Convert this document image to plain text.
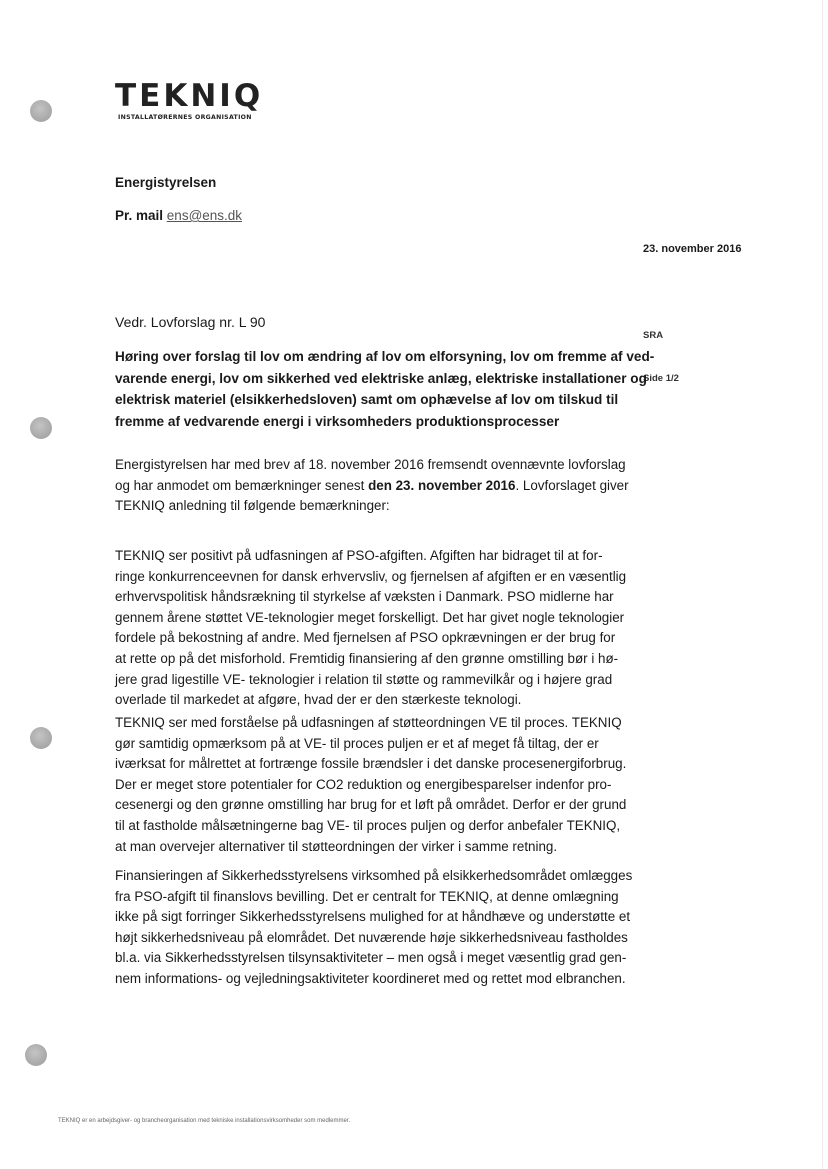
TEKNIQ
INSTALLATØRERNES ORGANISATION
Energistyrelsen
Pr. mail ens@ens.dk
23. november 2016
SRA
Side 1/2
Vedr. Lovforslag nr. L 90
Høring over forslag til lov om ændring af lov om elforsyning, lov om fremme af ved-
varende energi, lov om sikkerhed ved elektriske anlæg, elektriske installationer og
elektrisk materiel (elsikkerhedsloven) samt om ophævelse af lov om tilskud til
fremme af vedvarende energi i virksomheders produktionsprocesser
Energistyrelsen har med brev af 18. november 2016 fremsendt ovennævnte lovforslag
og har anmodet om bemærkninger senest den 23. november 2016. Lovforslaget giver
TEKNIQ anledning til følgende bemærkninger:
TEKNIQ ser positivt på udfasningen af PSO-afgiften. Afgiften har bidraget til at for-
ringe konkurrenceevnen for dansk erhvervsliv, og fjernelsen af afgiften er en væsentlig
erhvervspolitisk håndsrækning til styrkelse af væksten i Danmark. PSO midlerne har
gennem årene støttet VE-teknologier meget forskelligt. Det har givet nogle teknologier
fordele på bekostning af andre. Med fjernelsen af PSO opkrævningen er der brug for
at rette op på det misforhold. Fremtidig finansiering af den grønne omstilling bør i hø-
jere grad ligestille VE- teknologier i relation til støtte og rammevilkår og i højere grad
overlade til markedet at afgøre, hvad der er den stærkeste teknologi.
TEKNIQ ser med forståelse på udfasningen af støtteordningen VE til proces. TEKNIQ
gør samtidig opmærksom på at VE- til proces puljen er et af meget få tiltag, der er
iværksat for målrettet at fortrænge fossile brændsler i det danske procesenergiforbrug.
Der er meget store potentialer for CO2 reduktion og energibesparelser indenfor pro-
cesenergi og den grønne omstilling har brug for et løft på området. Derfor er der grund
til at fastholde målsætningerne bag VE- til proces puljen og derfor anbefaler TEKNIQ,
at man overvejer alternativer til støtteordningen der virker i samme retning.
Finansieringen af Sikkerhedsstyrelsens virksomhed på elsikkerhedsområdet omlægges
fra PSO-afgift til finanslovs bevilling. Det er centralt for TEKNIQ, at denne omlægning
ikke på sigt forringer Sikkerhedsstyrelsens mulighed for at håndhæve og understøtte et
højt sikkerhedsniveau på elområdet. Det nuværende høje sikkerhedsniveau fastholdes
bl.a. via Sikkerhedsstyrelsen tilsynsaktiviteter – men også i meget væsentlig grad gen-
nem informations- og vejledningsaktiviteter koordineret med og rettet mod elbranchen.
TEKNIQ er en arbejdsgiver- og brancheorganisation med tekniske installationsvirksomheder som medlemmer.
